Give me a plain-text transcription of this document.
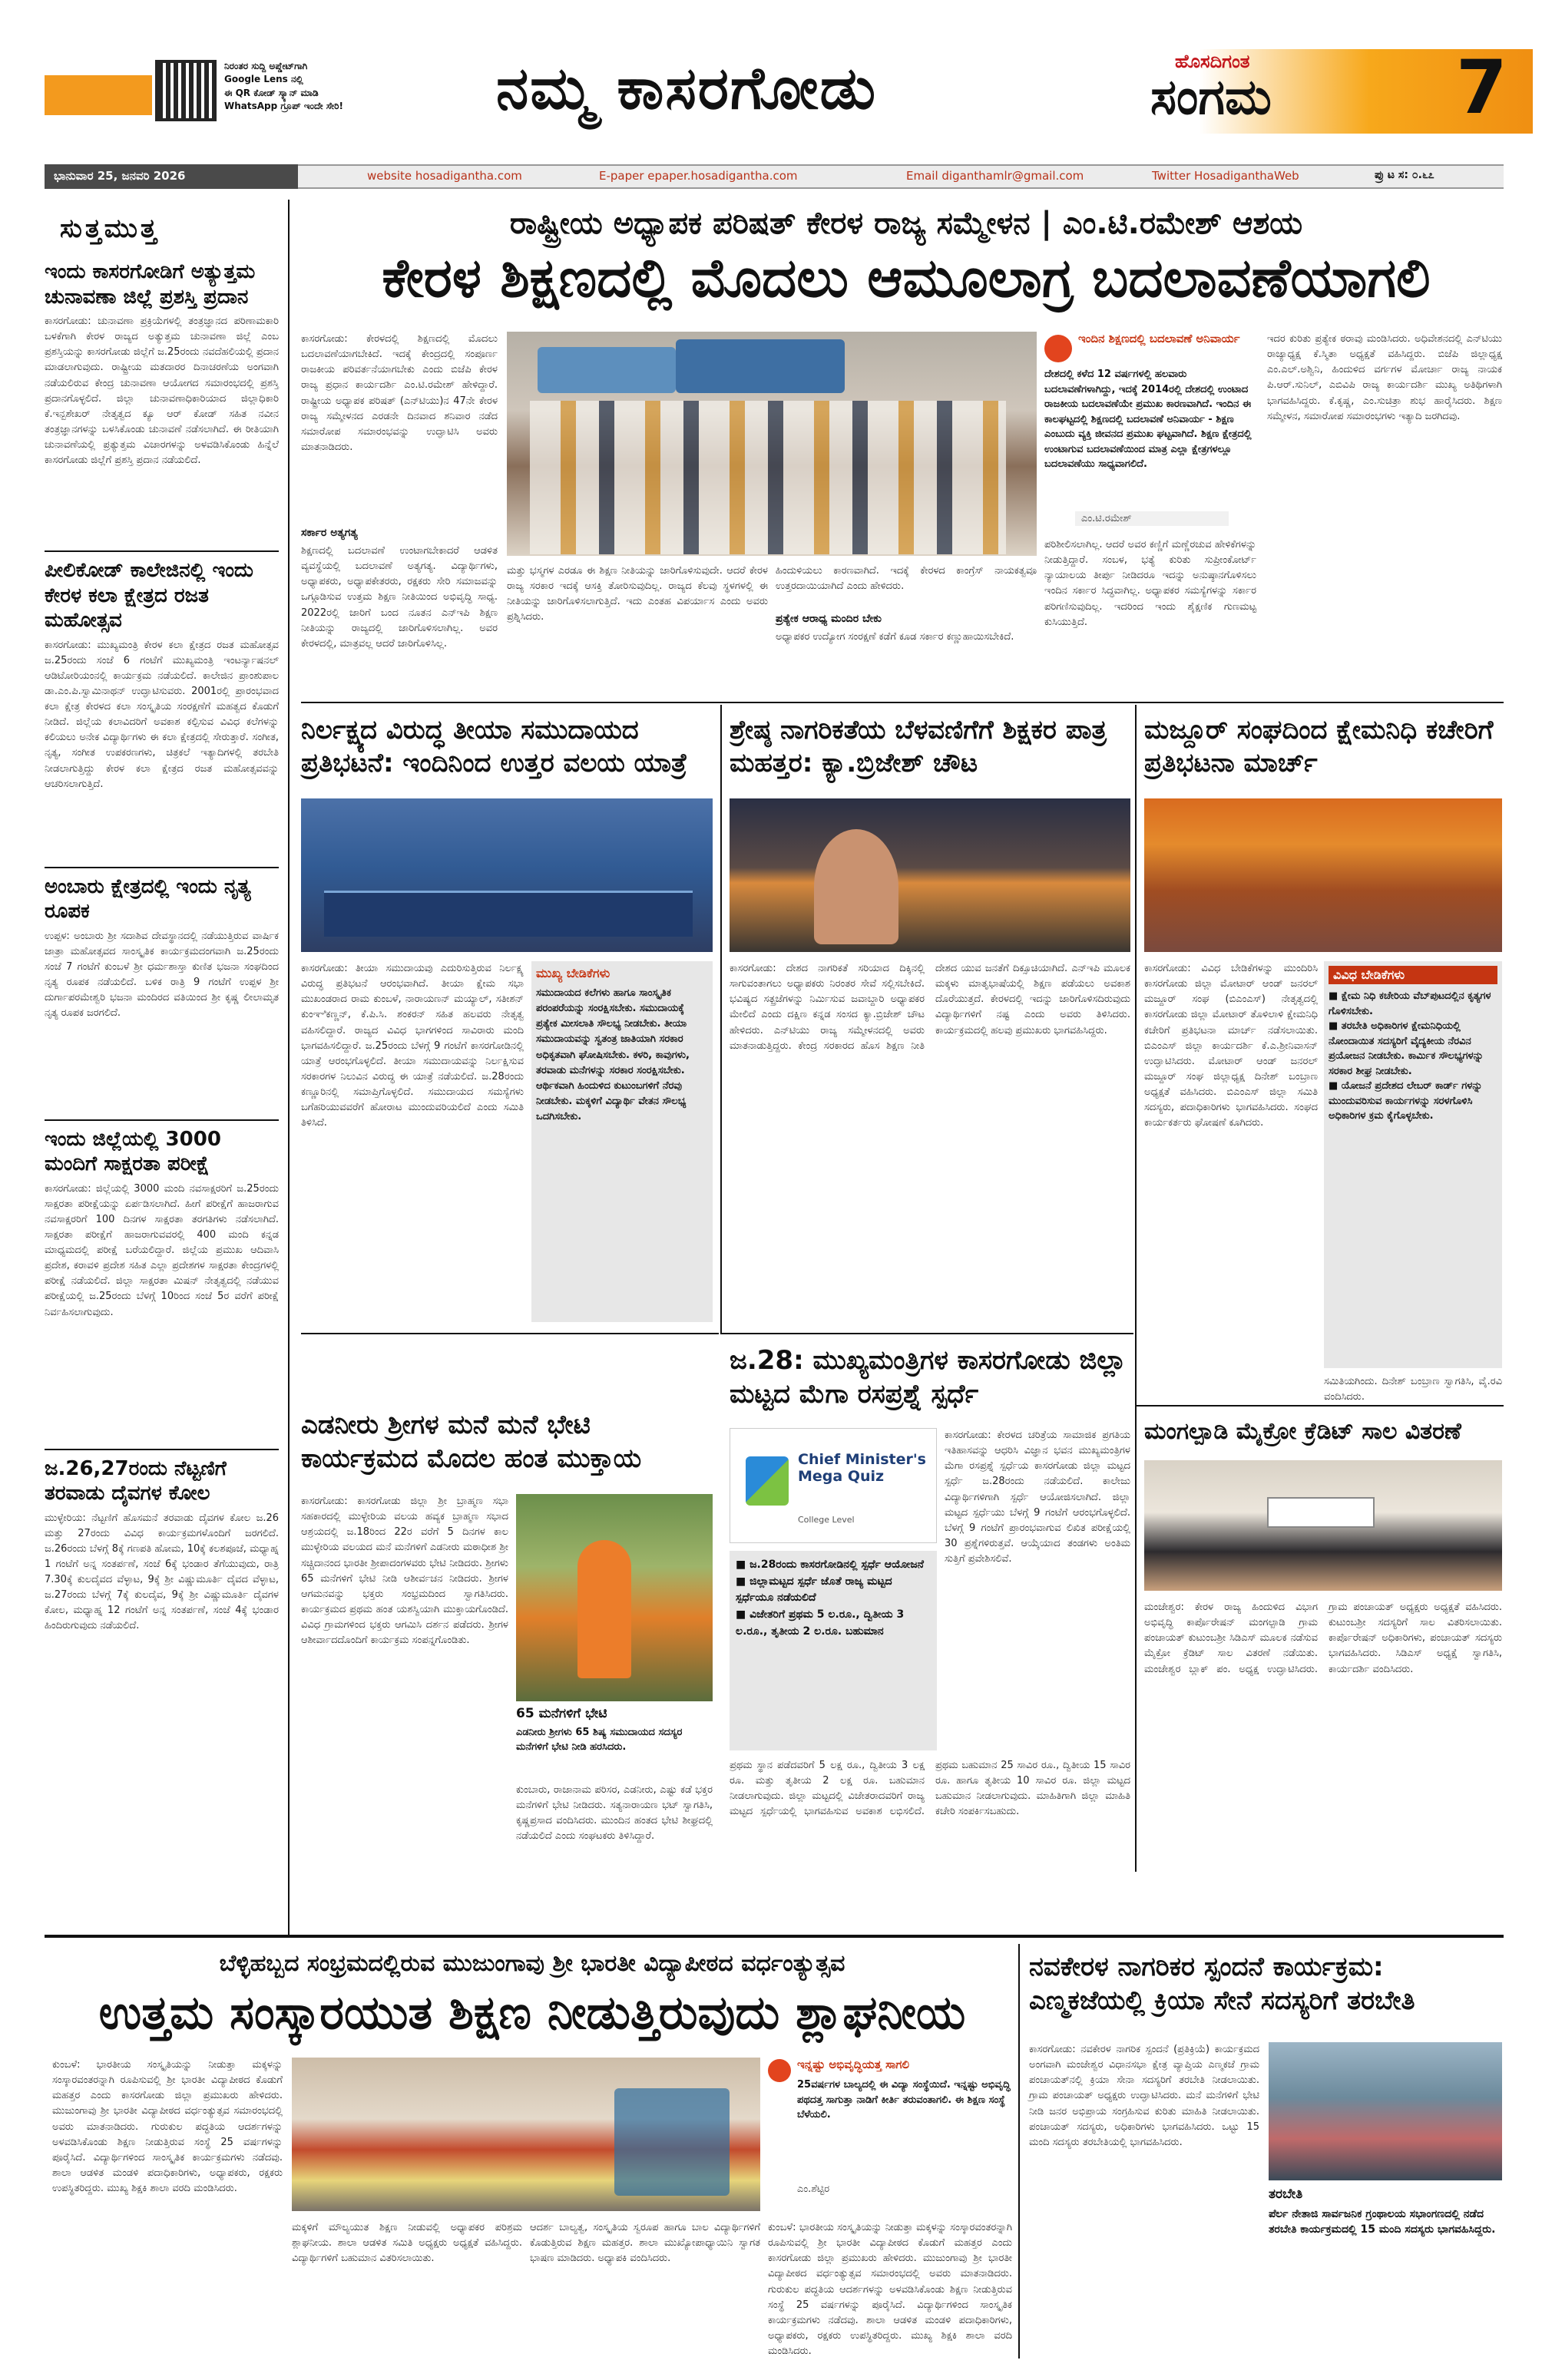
ನಿರಂತರ ಸುದ್ದಿ ಅಪ್ಡೇಟ್‌ಗಾಗಿ
Google Lens ನಲ್ಲಿ
ಈ QR ಕೋಡ್ ಸ್ಕ್ಯಾನ್ ಮಾಡಿ
WhatsApp ಗ್ರೂಪ್ ಇಂದೇ ಸೇರಿ!	ನಮ್ಮ ಕಾಸರಗೋಡು	ಹೊಸದಿಗಂತ
ಸಂಗಮ	7
ಭಾನುವಾರ 25, ಜನವರಿ 2026	website hosadigantha.com	E-paper epaper.hosadigantha.com	Email diganthamlr@gmail.com	Twitter HosadiganthaWeb	ಪ್ರು ಟ ಸ: ೦.೬೭
ಸುತ್ತಮುತ್ತ
ಇಂದು ಕಾಸರಗೋಡಿಗೆ ಅತ್ಯುತ್ತಮ ಚುನಾವಣಾ ಜಿಲ್ಲೆ ಪ್ರಶಸ್ತಿ ಪ್ರದಾನ
ಕಾಸರಗೋಡು: ಚುನಾವಣಾ ಪ್ರಕ್ರಿಯೆಗಳಲ್ಲಿ ತಂತ್ರಜ್ಞಾನದ ಪರಿಣಾಮಕಾರಿ ಬಳಕೆಗಾಗಿ ಕೇರಳ ರಾಜ್ಯದ ಅತ್ಯುತ್ತಮ ಚುನಾವಣಾ ಜಿಲ್ಲೆ ಎಂಬ ಪ್ರಶಸ್ತಿಯನ್ನು ಕಾಸರಗೋಡು ಜಿಲ್ಲೆಗೆ ಜ.25ರಂದು ನವದೆಹಲಿಯಲ್ಲಿ ಪ್ರದಾನ ಮಾಡಲಾಗುವುದು. ರಾಷ್ಟ್ರೀಯ ಮತದಾರರ ದಿನಾಚರಣೆಯ ಅಂಗವಾಗಿ ನಡೆಯಲಿರುವ ಕೇಂದ್ರ ಚುನಾವಣಾ ಆಯೋಗದ ಸಮಾರಂಭದಲ್ಲಿ ಪ್ರಶಸ್ತಿ ಪ್ರದಾನಗೊಳ್ಳಲಿದೆ. ಜಿಲ್ಲಾ ಚುನಾವಣಾಧಿಕಾರಿಯಾದ ಜಿಲ್ಲಾಧಿಕಾರಿ ಕೆ.ಇನ್ಬಶೇಖರ್ ನೇತೃತ್ವದ ಕ್ಯೂ ಆರ್ ಕೋಡ್ ಸಹಿತ ನವೀನ ತಂತ್ರಜ್ಞಾನಗಳನ್ನು ಬಳಸಿಕೊಂಡು ಚುನಾವಣೆ ನಡೆಸಲಾಗಿದೆ. ಈ ರೀತಿಯಾಗಿ ಚುನಾವಣೆಯಲ್ಲಿ ಪ್ರತ್ಯುತ್ತಮ ವಿಚಾರಗಳನ್ನು ಅಳವಡಿಸಿಕೊಂಡು ಹಿನ್ನೆಲೆ ಕಾಸರಗೋಡು ಜಿಲ್ಲೆಗೆ ಪ್ರಶಸ್ತಿ ಪ್ರದಾನ ನಡೆಯಲಿದೆ.
ಪೀಲಿಕೋಡ್ ಕಾಲೇಜಿನಲ್ಲಿ ಇಂದು ಕೇರಳ ಕಲಾ ಕ್ಷೇತ್ರದ ರಜತ ಮಹೋತ್ಸವ
ಕಾಸರಗೋಡು: ಮುಖ್ಯಮಂತ್ರಿ ಕೇರಳ ಕಲಾ ಕ್ಷೇತ್ರದ ರಜತ ಮಹೋತ್ಸವ ಜ.25ರಂದು ಸಂಜೆ 6 ಗಂಟೆಗೆ ಮುಖ್ಯಮಂತ್ರಿ ಇಂಟರ್ನ್ಯಾಷನಲ್ ಆಡಿಟೋರಿಯಂನಲ್ಲಿ ಕಾರ್ಯಕ್ರಮ ನಡೆಯಲಿದೆ. ಕಾಲೇಜಿನ ಪ್ರಾಂಶುಪಾಲ ಡಾ.ಎಂ.ಪಿ.ಸ್ವಾಮಿನಾಥನ್ ಉದ್ಘಾಟಿಸುವರು. 2001ರಲ್ಲಿ ಪ್ರಾರಂಭವಾದ ಕಲಾ ಕ್ಷೇತ್ರ ಕೇರಳದ ಕಲಾ ಸಂಸ್ಕೃತಿಯ ಸಂರಕ್ಷಣೆಗೆ ಮಹತ್ವದ ಕೊಡುಗೆ ನೀಡಿದೆ. ಜಿಲ್ಲೆಯ ಕಲಾವಿದರಿಗೆ ಅವಕಾಶ ಕಲ್ಪಿಸುವ ವಿವಿಧ ಕಲೆಗಳನ್ನು ಕಲಿಯಲು ಅನೇಕ ವಿದ್ಯಾರ್ಥಿಗಳು ಈ ಕಲಾ ಕ್ಷೇತ್ರದಲ್ಲಿ ಸೇರುತ್ತಾರೆ. ಸಂಗೀತ, ನೃತ್ಯ, ಸಂಗೀತ ಉಪಕರಣಗಳು, ಚಿತ್ರಕಲೆ ಇತ್ಯಾದಿಗಳಲ್ಲಿ ತರಬೇತಿ ನೀಡಲಾಗುತ್ತಿದ್ದು ಕೇರಳ ಕಲಾ ಕ್ಷೇತ್ರದ ರಜತ ಮಹೋತ್ಸವವನ್ನು ಆಚರಿಸಲಾಗುತ್ತಿದೆ.
ಅಂಬಾರು ಕ್ಷೇತ್ರದಲ್ಲಿ ಇಂದು ನೃತ್ಯ ರೂಪಕ
ಉಪ್ಪಳ: ಅಂಬಾರು ಶ್ರೀ ಸದಾಶಿವ ದೇವಸ್ಥಾನದಲ್ಲಿ ನಡೆಯುತ್ತಿರುವ ವಾರ್ಷಿಕ ಜಾತ್ರಾ ಮಹೋತ್ಸವದ ಸಾಂಸ್ಕೃತಿಕ ಕಾರ್ಯಕ್ರಮದಂಗವಾಗಿ ಜ.25ರಂದು ಸಂಜೆ 7 ಗಂಟೆಗೆ ಕುಂಬಳೆ ಶ್ರೀ ಧರ್ಮಶಾಸ್ತಾ ಕುಣಿತ ಭಜನಾ ಸಂಘದಿಂದ ನೃತ್ಯ ರೂಪಕ ನಡೆಯಲಿದೆ. ಬಳಿಕ ರಾತ್ರಿ 9 ಗಂಟೆಗೆ ಉಪ್ಪಳ ಶ್ರೀ ದುರ್ಗಾಪರಮೇಶ್ವರಿ ಭಜನಾ ಮಂದಿರದ ವತಿಯಿಂದ ಶ್ರೀ ಕೃಷ್ಣ ಲೀಲಾಮೃತ ನೃತ್ಯ ರೂಪಕ ಜರಗಲಿದೆ.
ಇಂದು ಜಿಲ್ಲೆಯಲ್ಲಿ 3000 ಮಂದಿಗೆ ಸಾಕ್ಷರತಾ ಪರೀಕ್ಷೆ
ಕಾಸರಗೋಡು: ಜಿಲ್ಲೆಯಲ್ಲಿ 3000 ಮಂದಿ ನವಸಾಕ್ಷರರಿಗೆ ಜ.25ರಂದು ಸಾಕ್ಷರತಾ ಪರೀಕ್ಷೆಯನ್ನು ಏರ್ಪಡಿಸಲಾಗಿದೆ. ಹೀಗೆ ಪರೀಕ್ಷೆಗೆ ಹಾಜರಾಗುವ ನವಸಾಕ್ಷರರಿಗೆ 100 ದಿನಗಳ ಸಾಕ್ಷರತಾ ತರಗತಿಗಳು ನಡೆಸಲಾಗಿದೆ. ಸಾಕ್ಷರತಾ ಪರೀಕ್ಷೆಗೆ ಹಾಜರಾಗುವವರಲ್ಲಿ 400 ಮಂದಿ ಕನ್ನಡ ಮಾಧ್ಯಮದಲ್ಲಿ ಪರೀಕ್ಷೆ ಬರೆಯಲಿದ್ದಾರೆ. ಜಿಲ್ಲೆಯ ಪ್ರಮುಖ ಆದಿವಾಸಿ ಪ್ರದೇಶ, ಕರಾವಳಿ ಪ್ರದೇಶ ಸಹಿತ ಎಲ್ಲಾ ಪ್ರದೇಶಗಳ ಸಾಕ್ಷರತಾ ಕೇಂದ್ರಗಳಲ್ಲಿ ಪರೀಕ್ಷೆ ನಡೆಯಲಿದೆ. ಜಿಲ್ಲಾ ಸಾಕ್ಷರತಾ ಮಿಷನ್ ನೇತೃತ್ವದಲ್ಲಿ ನಡೆಯುವ ಪರೀಕ್ಷೆಯಲ್ಲಿ ಜ.25ರಂದು ಬೆಳಗ್ಗೆ 10ರಿಂದ ಸಂಜೆ 5ರ ವರೆಗೆ ಪರೀಕ್ಷೆ ನಿರ್ವಹಿಸಲಾಗುವುದು.
ಜ.26,27ರಂದು ನೆಟ್ಟಣಿಗೆ ತರವಾಡು ದೈವಗಳ ಕೋಲ
ಮುಳ್ಳೇರಿಯ: ನೆಟ್ಟಣಿಗೆ ಹೊಸಮನೆ ತರವಾಡು ದೈವಗಳ ಕೋಲ ಜ.26 ಮತ್ತು 27ರಂದು ವಿವಿಧ ಕಾರ್ಯಕ್ರಮಗಳೊಂದಿಗೆ ಜರಗಲಿದೆ. ಜ.26ರಂದು ಬೆಳಗ್ಗೆ 8ಕ್ಕೆ ಗಣಪತಿ ಹೋಮ, 10ಕ್ಕೆ ಕಲಶಪೂಜೆ, ಮಧ್ಯಾಹ್ನ 1 ಗಂಟೆಗೆ ಅನ್ನ ಸಂತರ್ಪಣೆ, ಸಂಜೆ 6ಕ್ಕೆ ಭಂಡಾರ ತೆಗೆಯುವುದು, ರಾತ್ರಿ 7.30ಕ್ಕೆ ಕುಲದೈವದ ವೆಳ್ಳಾಟ, 9ಕ್ಕೆ ಶ್ರೀ ವಿಷ್ಣುಮೂರ್ತಿ ದೈವದ ವೆಳ್ಳಾಟ, ಜ.27ರಂದು ಬೆಳಗ್ಗೆ 7ಕ್ಕೆ ಕುಲದೈವ, 9ಕ್ಕೆ ಶ್ರೀ ವಿಷ್ಣುಮೂರ್ತಿ ದೈವಗಳ ಕೋಲ, ಮಧ್ಯಾಹ್ನ 12 ಗಂಟೆಗೆ ಅನ್ನ ಸಂತರ್ಪಣೆ, ಸಂಜೆ 4ಕ್ಕೆ ಭಂಡಾರ ಹಿಂದಿರುಗುವುದು ನಡೆಯಲಿದೆ.
ರಾಷ್ಟ್ರೀಯ ಅಧ್ಯಾಪಕ ಪರಿಷತ್ ಕೇರಳ ರಾಜ್ಯ ಸಮ್ಮೇಳನ | ಎಂ.ಟಿ.ರಮೇಶ್ ಆಶಯ
ಕೇರಳ ಶಿಕ್ಷಣದಲ್ಲಿ ಮೊದಲು ಆಮೂಲಾಗ್ರ ಬದಲಾವಣೆಯಾಗಲಿ
ಕಾಸರಗೋಡು: ಕೇರಳದಲ್ಲಿ ಶಿಕ್ಷಣದಲ್ಲಿ ಮೊದಲು ಬದಲಾವಣೆಯಾಗಬೇಕಿದೆ. ಇದಕ್ಕೆ ಕೇಂದ್ರದಲ್ಲಿ ಸಂಪೂರ್ಣ ರಾಜಕೀಯ ಪರಿವರ್ತನೆಯಾಗಬೇಕು ಎಂದು ಬಿಜೆಪಿ ಕೇರಳ ರಾಜ್ಯ ಪ್ರಧಾನ ಕಾರ್ಯದರ್ಶಿ ಎಂ.ಟಿ.ರಮೇಶ್ ಹೇಳಿದ್ದಾರೆ. ರಾಷ್ಟ್ರೀಯ ಅಧ್ಯಾಪಕ ಪರಿಷತ್ (ಎನ್‌ಟಿಯು)ನ 47ನೇ ಕೇರಳ ರಾಜ್ಯ ಸಮ್ಮೇಳನದ ಎರಡನೇ ದಿನವಾದ ಶನಿವಾರ ನಡೆದ ಸಮಾರೋಪ ಸಮಾರಂಭವನ್ನು ಉದ್ಘಾಟಿಸಿ ಅವರು ಮಾತನಾಡಿದರು.
ಸರ್ಕಾರ ಅತ್ಯಗತ್ಯ
ಶಿಕ್ಷಣದಲ್ಲಿ ಬದಲಾವಣೆ ಉಂಟಾಗಬೇಕಾದರೆ ಆಡಳಿತ ವ್ಯವಸ್ಥೆಯಲ್ಲಿ ಬದಲಾವಣೆ ಅತ್ಯಗತ್ಯ. ವಿದ್ಯಾರ್ಥಿಗಳು, ಅಧ್ಯಾಪಕರು, ಅಧ್ಯಾಪಕೇತರರು, ರಕ್ಷಕರು ಸೇರಿ ಸಮಾಜವನ್ನು ಒಗ್ಗೂಡಿಸುವ ಉತ್ತಮ ಶಿಕ್ಷಣ ನೀತಿಯಿಂದ ಅಭಿವೃದ್ಧಿ ಸಾಧ್ಯ. 2022ರಲ್ಲಿ ಜಾರಿಗೆ ಬಂದ ನೂತನ ಎನ್‌ಇಪಿ ಶಿಕ್ಷಣ ನೀತಿಯನ್ನು ರಾಜ್ಯದಲ್ಲಿ ಜಾರಿಗೊಳಿಸಲಾಗಿಲ್ಲ. ಅವರ ಕೇರಳದಲ್ಲಿ, ಮಾತ್ರವಲ್ಲ ಆದರೆ ಜಾರಿಗೊಳಿಸಿಲ್ಲ.
ಮತ್ತು ಭಸ್ಮಗಳ ಎರಡೂ ಈ ಶಿಕ್ಷಣ ನೀತಿಯನ್ನು ಜಾರಿಗೊಳಿಸುವುದೇ. ಆದರೆ ಕೇರಳ ರಾಜ್ಯ ಸರಕಾರ ಇದಕ್ಕೆ ಆಸಕ್ತಿ ತೋರಿಸುವುದಿಲ್ಲ. ರಾಜ್ಯದ ಕೆಲವು ಸ್ಥಳಗಳಲ್ಲಿ ಈ ನೀತಿಯನ್ನು ಜಾರಿಗೊಳಿಸಲಾಗುತ್ತಿದೆ. ಇದು ಎಂತಹ ವಿಪರ್ಯಾಸ ಎಂದು ಅವರು ಪ್ರಶ್ನಿಸಿದರು.
ಹಿಂದುಳಿಯಲು ಕಾರಣವಾಗಿದೆ. ಇದಕ್ಕೆ ಕೇರಳದ ಕಾಂಗ್ರೆಸ್ ನಾಯಕತ್ವವೂ ಉತ್ತರದಾಯಿಯಾಗಿದೆ ಎಂದು ಹೇಳಿದರು.
ಪ್ರತ್ಯೇಕ ಆರಾಧ್ಯ ಮಂದಿರ ಬೇಕು
ಅಧ್ಯಾಪಕರ ಉದ್ಯೋಗ ಸಂರಕ್ಷಣೆ ಕಡೆಗೆ ಕೂಡ ಸರ್ಕಾರ ಕಣ್ಣುಹಾಯಿಸಬೇಕಿದೆ.
ಇಂದಿನ ಶಿಕ್ಷಣದಲ್ಲಿ ಬದಲಾವಣೆ ಅನಿವಾರ್ಯ
ದೇಶದಲ್ಲಿ ಕಳೆದ 12 ವರ್ಷಗಳಲ್ಲಿ ಹಲವಾರು ಬದಲಾವಣೆಗಳಾಗಿದ್ದು, ಇದಕ್ಕೆ 2014ರಲ್ಲಿ ದೇಶದಲ್ಲಿ ಉಂಟಾದ ರಾಜಕೀಯ ಬದಲಾವಣೆಯೇ ಪ್ರಮುಖ ಕಾರಣವಾಗಿದೆ. ಇಂದಿನ ಈ ಕಾಲಘಟ್ಟದಲ್ಲಿ ಶಿಕ್ಷಣದಲ್ಲಿ ಬದಲಾವಣೆ ಅನಿವಾರ್ಯ - ಶಿಕ್ಷಣ ಎಂಬುದು ವ್ಯಕ್ತಿ ಜೀವನದ ಪ್ರಮುಖ ಘಟ್ಟವಾಗಿದೆ. ಶಿಕ್ಷಣ ಕ್ಷೇತ್ರದಲ್ಲಿ ಉಂಟಾಗುವ ಬದಲಾವಣೆಯಿಂದ ಮಾತ್ರ ಎಲ್ಲಾ ಕ್ಷೇತ್ರಗಳಲ್ಲೂ ಬದಲಾವಣೆಯು ಸಾಧ್ಯವಾಗಲಿದೆ.
ಎಂ.ಟಿ.ರಮೇಶ್
ಪರಿಶೀಲಿಸಲಾಗಿಲ್ಲ. ಆದರೆ ಅವರ ಕಣ್ಣಿಗೆ ಮಣ್ಣೆರಚುವ ಹೇಳಿಕೆಗಳನ್ನು ನೀಡುತ್ತಿದ್ದಾರೆ. ಸಂಬಳ, ಭತ್ಯೆ ಕುರಿತು ಸುಪ್ರೀಂಕೋರ್ಟ್ ನ್ಯಾಯಾಲಯ ತೀರ್ಪು ನೀಡಿದರೂ ಇದನ್ನು ಅನುಷ್ಠಾನಗೊಳಿಸಲು ಇಂದಿನ ಸರ್ಕಾರ ಸಿದ್ಧವಾಗಿಲ್ಲ. ಅಧ್ಯಾಪಕರ ಸಮಸ್ಯೆಗಳನ್ನು ಸರ್ಕಾರ ಪರಿಗಣಿಸುವುದಿಲ್ಲ. ಇದರಿಂದ ಇಂದು ಶೈಕ್ಷಣಿಕ ಗುಣಮಟ್ಟ ಕುಸಿಯುತ್ತಿದೆ.
ಇದರ ಕುರಿತು ಪ್ರತ್ಯೇಕ ಠರಾವು ಮಂಡಿಸಿದರು. ಅಧಿವೇಶನದಲ್ಲಿ ಎನ್‌ಟಿಯು ರಾಜ್ಯಾಧ್ಯಕ್ಷ ಕೆ.ಸ್ಮಿತಾ ಅಧ್ಯಕ್ಷತೆ ವಹಿಸಿದ್ದರು. ಬಿಜೆಪಿ ಜಿಲ್ಲಾಧ್ಯಕ್ಷ ಎಂ.ಎಲ್.ಅಶ್ವಿನಿ, ಹಿಂದುಳಿದ ವರ್ಗಗಳ ಮೋರ್ಚಾ ರಾಜ್ಯ ನಾಯಕ ಪಿ.ಆರ್.ಸುನಿಲ್, ಎಬಿವಿಪಿ ರಾಜ್ಯ ಕಾರ್ಯದರ್ಶಿ ಮುಖ್ಯ ಅತಿಥಿಗಳಾಗಿ ಭಾಗವಹಿಸಿದ್ದರು. ಕೆ.ಕೃಷ್ಣ, ಎಂ.ಸುಚಿತ್ರಾ ಶುಭ ಹಾರೈಸಿದರು. ಶಿಕ್ಷಣ ಸಮ್ಮೇಳನ, ಸಮಾರೋಪ ಸಮಾರಂಭಗಳು ಇತ್ಯಾದಿ ಜರಗಿದವು.
ನಿರ್ಲಕ್ಷ್ಯದ ವಿರುದ್ಧ ತೀಯಾ ಸಮುದಾಯದ ಪ್ರತಿಭಟನೆ: ಇಂದಿನಿಂದ ಉತ್ತರ ವಲಯ ಯಾತ್ರೆ
ಕಾಸರಗೋಡು: ತೀಯಾ ಸಮುದಾಯವು ಎದುರಿಸುತ್ತಿರುವ ನಿರ್ಲಕ್ಷ್ಯ ವಿರುದ್ಧ ಪ್ರತಿಭಟನೆ ಆರಂಭವಾಗಿದೆ. ತೀಯಾ ಕ್ಷೇಮ ಸಭಾ ಮುಖಂಡರಾದ ರಾಮ ಕುಂಬಳೆ, ನಾರಾಯಣನ್ ಮಯ್ಯಾಲ್, ಸತೀಶನ್ ಕುಂಞಿಕಣ್ಣನ್, ಕೆ.ಪಿ.ಸಿ. ಶಂಕರನ್ ಸಹಿತ ಹಲವರು ನೇತೃತ್ವ ವಹಿಸಲಿದ್ದಾರೆ. ರಾಜ್ಯದ ವಿವಿಧ ಭಾಗಗಳಿಂದ ಸಾವಿರಾರು ಮಂದಿ ಭಾಗವಹಿಸಲಿದ್ದಾರೆ. ಜ.25ರಂದು ಬೆಳಗ್ಗೆ 9 ಗಂಟೆಗೆ ಕಾಸರಗೋಡಿನಲ್ಲಿ ಯಾತ್ರೆ ಆರಂಭಗೊಳ್ಳಲಿದೆ. ತೀಯಾ ಸಮುದಾಯವನ್ನು ನಿರ್ಲಕ್ಷಿಸುವ ಸರಕಾರಗಳ ನಿಲುವಿನ ವಿರುದ್ಧ ಈ ಯಾತ್ರೆ ನಡೆಯಲಿದೆ. ಜ.28ರಂದು ಕಣ್ಣೂರಿನಲ್ಲಿ ಸಮಾಪ್ತಿಗೊಳ್ಳಲಿದೆ. ಸಮುದಾಯದ ಸಮಸ್ಯೆಗಳು ಬಗೆಹರಿಯುವವರೆಗೆ ಹೋರಾಟ ಮುಂದುವರಿಯಲಿದೆ ಎಂದು ಸಮಿತಿ ತಿಳಿಸಿದೆ.
ಮುಖ್ಯ ಬೇಡಿಕೆಗಳು
ಸಮುದಾಯದ ಕಲೆಗಳು ಹಾಗೂ ಸಾಂಸ್ಕೃತಿಕ ಪರಂಪರೆಯನ್ನು ಸಂರಕ್ಷಿಸಬೇಕು. ಸಮುದಾಯಕ್ಕೆ ಪ್ರತ್ಯೇಕ ಮೀಸಲಾತಿ ಸೌಲಭ್ಯ ನೀಡಬೇಕು. ತೀಯಾ ಸಮುದಾಯವನ್ನು ಸ್ವತಂತ್ರ ಜಾತಿಯಾಗಿ ಸರಕಾರ ಅಧಿಕೃತವಾಗಿ ಘೋಷಿಸಬೇಕು. ಕಳರಿ, ಕಾವುಗಳು, ತರವಾಡು ಮನೆಗಳನ್ನು ಸರಕಾರ ಸಂರಕ್ಷಿಸಬೇಕು. ಆರ್ಥಿಕವಾಗಿ ಹಿಂದುಳಿದ ಕುಟುಂಬಗಳಿಗೆ ನೆರವು ನೀಡಬೇಕು. ಮಕ್ಕಳಿಗೆ ವಿದ್ಯಾರ್ಥಿ ವೇತನ ಸೌಲಭ್ಯ ಒದಗಿಸಬೇಕು.
ಶ್ರೇಷ್ಠ ನಾಗರಿಕತೆಯ ಬೆಳವಣಿಗೆಗೆ ಶಿಕ್ಷಕರ ಪಾತ್ರ ಮಹತ್ತರ: ಕ್ಯಾ.ಬ್ರಿಜೇಶ್ ಚೌಟ
ಕಾಸರಗೋಡು: ದೇಶದ ನಾಗರಿಕತೆ ಸರಿಯಾದ ದಿಕ್ಕಿನಲ್ಲಿ ಸಾಗುವಂತಾಗಲು ಅಧ್ಯಾಪಕರು ನಿರಂತರ ಸೇವೆ ಸಲ್ಲಿಸಬೇಕಿದೆ. ಭವಿಷ್ಯದ ಸತ್ಪ್ರಜೆಗಳನ್ನು ನಿರ್ಮಿಸುವ ಜವಾಬ್ದಾರಿ ಅಧ್ಯಾಪಕರ ಮೇಲಿದೆ ಎಂದು ದಕ್ಷಿಣ ಕನ್ನಡ ಸಂಸದ ಕ್ಯಾ.ಬ್ರಿಜೇಶ್ ಚೌಟ ಹೇಳಿದರು. ಎನ್‌ಟಿಯು ರಾಜ್ಯ ಸಮ್ಮೇಳನದಲ್ಲಿ ಅವರು ಮಾತನಾಡುತ್ತಿದ್ದರು. ಕೇಂದ್ರ ಸರಕಾರದ ಹೊಸ ಶಿಕ್ಷಣ ನೀತಿ ದೇಶದ ಯುವ ಜನತೆಗೆ ದಿಕ್ಸೂಚಿಯಾಗಿದೆ. ಎನ್‌ಇಪಿ ಮೂಲಕ ಮಕ್ಕಳು ಮಾತೃಭಾಷೆಯಲ್ಲಿ ಶಿಕ್ಷಣ ಪಡೆಯಲು ಅವಕಾಶ ದೊರೆಯುತ್ತದೆ. ಕೇರಳದಲ್ಲಿ ಇದನ್ನು ಜಾರಿಗೊಳಿಸದಿರುವುದು ವಿದ್ಯಾರ್ಥಿಗಳಿಗೆ ನಷ್ಟ ಎಂದು ಅವರು ತಿಳಿಸಿದರು. ಕಾರ್ಯಕ್ರಮದಲ್ಲಿ ಹಲವು ಪ್ರಮುಖರು ಭಾಗವಹಿಸಿದ್ದರು.
ಮಜ್ದೂರ್ ಸಂಘದಿಂದ ಕ್ಷೇಮನಿಧಿ ಕಚೇರಿಗೆ ಪ್ರತಿಭಟನಾ ಮಾರ್ಚ್
ಕಾಸರಗೋಡು: ವಿವಿಧ ಬೇಡಿಕೆಗಳನ್ನು ಮುಂದಿರಿಸಿ ಕಾಸರಗೋಡು ಜಿಲ್ಲಾ ಮೋಟಾರ್ ಆಂಡ್ ಜನರಲ್ ಮಜ್ದೂರ್ ಸಂಘ (ಬಿಎಂಎಸ್) ನೇತೃತ್ವದಲ್ಲಿ ಕಾಸರಗೋಡು ಜಿಲ್ಲಾ ಮೋಟಾರ್ ತೊಳಿಲಾಳಿ ಕ್ಷೇಮನಿಧಿ ಕಚೇರಿಗೆ ಪ್ರತಿಭಟನಾ ಮಾರ್ಚ್ ನಡೆಸಲಾಯಿತು. ಬಿಎಂಎಸ್ ಜಿಲ್ಲಾ ಕಾರ್ಯದರ್ಶಿ ಕೆ.ಎ.ಶ್ರೀನಿವಾಸನ್ ಉದ್ಘಾಟಿಸಿದರು. ಮೋಟಾರ್ ಆಂಡ್ ಜನರಲ್ ಮಜ್ದೂರ್ ಸಂಘ ಜಿಲ್ಲಾಧ್ಯಕ್ಷ ದಿನೇಶ್ ಬಂಬ್ರಾಣ ಅಧ್ಯಕ್ಷತೆ ವಹಿಸಿದರು. ಬಿಎಂಎಸ್ ಜಿಲ್ಲಾ ಸಮಿತಿ ಸದಸ್ಯರು, ಪದಾಧಿಕಾರಿಗಳು ಭಾಗವಹಿಸಿದರು. ಸಂಘದ ಕಾರ್ಯಕರ್ತರು ಘೋಷಣೆ ಕೂಗಿದರು.
ವಿವಿಧ ಬೇಡಿಕೆಗಳು
■ ಕ್ಷೇಮ ನಿಧಿ ಕಚೇರಿಯ ವೆಬ್‌ಪುಟದಲ್ಲಿನ ಕೃತ್ಯಗಳ ಗೊಳಿಸಬೇಕು.
■ ತರಬೇತಿ ಅಧಿಕಾರಿಗಳ ಕ್ಷೇಮನಿಧಿಯಲ್ಲಿ ನೋಂದಾಯಿತ ಸದಸ್ಯರಿಗೆ ವೈದ್ಯಕೀಯ ನೆರವಿನ ಪ್ರಯೋಜನ ನೀಡಬೇಕು. ಕಾರ್ಮಿಕ ಸೌಲಭ್ಯಗಳನ್ನು ಸರಕಾರ ಶೀಘ್ರ ನೀಡಬೇಕು.
■ ಯೋಜನೆ ಪ್ರದೇಶದ ಲೇಬರ್ ಕಾರ್ಡ್ ಗಳನ್ನು ಮುಂದುವರಿಸುವ ಕಾರ್ಯಗಳನ್ನು ಸರಳಗೊಳಿಸಿ ಅಧಿಕಾರಿಗಳ ಕ್ರಮ ಕೈಗೊಳ್ಳಬೇಕು.
ಸಮಿತಿಯಗಿಂದು. ದಿನೇಶ್ ಬಂಬ್ರಾಣ ಸ್ವಾಗತಿಸಿ, ವೈ.ರವಿ ವಂದಿಸಿದರು.
ಎಡನೀರು ಶ್ರೀಗಳ ಮನೆ ಮನೆ ಭೇಟಿ ಕಾರ್ಯಕ್ರಮದ ಮೊದಲ ಹಂತ ಮುಕ್ತಾಯ
ಕಾಸರಗೋಡು: ಕಾಸರಗೋಡು ಜಿಲ್ಲಾ ಶ್ರೀ ಬ್ರಾಹ್ಮಣ ಸಭಾ ಸಹಕಾರದಲ್ಲಿ ಮುಳ್ಳೇರಿಯ ವಲಯ ಹವ್ಯಕ ಬ್ರಾಹ್ಮಣ ಸಭಾದ ಆಶ್ರಯದಲ್ಲಿ ಜ.18ರಿಂದ 22ರ ವರೆಗೆ 5 ದಿನಗಳ ಕಾಲ ಮುಳ್ಳೇರಿಯ ವಲಯದ ಮನೆ ಮನೆಗಳಿಗೆ ಎಡನೀರು ಮಠಾಧೀಶ ಶ್ರೀ ಸಚ್ಚಿದಾನಂದ ಭಾರತೀ ಶ್ರೀಪಾದಂಗಳವರು ಭೇಟಿ ನೀಡಿದರು. ಶ್ರೀಗಳು 65 ಮನೆಗಳಿಗೆ ಭೇಟಿ ನೀಡಿ ಆಶೀರ್ವಚನ ನೀಡಿದರು. ಶ್ರೀಗಳ ಆಗಮನವನ್ನು ಭಕ್ತರು ಸಂಭ್ರಮದಿಂದ ಸ್ವಾಗತಿಸಿದರು. ಕಾರ್ಯಕ್ರಮದ ಪ್ರಥಮ ಹಂತ ಯಶಸ್ವಿಯಾಗಿ ಮುಕ್ತಾಯಗೊಂಡಿದೆ. ವಿವಿಧ ಗ್ರಾಮಗಳಿಂದ ಭಕ್ತರು ಆಗಮಿಸಿ ದರ್ಶನ ಪಡೆದರು. ಶ್ರೀಗಳ ಆಶೀರ್ವಾದದೊಂದಿಗೆ ಕಾರ್ಯಕ್ರಮ ಸಂಪನ್ನಗೊಂಡಿತು.
65 ಮನೆಗಳಿಗೆ ಭೇಟಿ
ಎಡನೀರು ಶ್ರೀಗಳು 65 ಶಿಷ್ಯ ಸಮುದಾಯದ ಸದಸ್ಯರ ಮನೆಗಳಿಗೆ ಭೇಟಿ ನೀಡಿ ಹರಸಿದರು.
ಕುಂಬಾರು, ರಾಜಾನಾಮ ಪರಿಸರ, ಎಡನೀರು, ಎಷ್ಟು ಕಡೆ ಭಕ್ತರ ಮನೆಗಳಿಗೆ ಭೇಟಿ ನೀಡಿದರು. ಸತ್ಯನಾರಾಯಣ ಭಟ್ ಸ್ವಾಗತಿಸಿ, ಕೃಷ್ಣಪ್ರಸಾದ ವಂದಿಸಿದರು. ಮುಂದಿನ ಹಂತದ ಭೇಟಿ ಶೀಘ್ರದಲ್ಲಿ ನಡೆಯಲಿದೆ ಎಂದು ಸಂಘಟಕರು ತಿಳಿಸಿದ್ದಾರೆ.
ಜ.28: ಮುಖ್ಯಮಂತ್ರಿಗಳ ಕಾಸರಗೋಡು ಜಿಲ್ಲಾ ಮಟ್ಟದ ಮೆಗಾ ರಸಪ್ರಶ್ನೆ ಸ್ಪರ್ಧೆ
Chief Minister's Mega Quiz
College Level
ಕಾಸರಗೋಡು: ಕೇರಳದ ಚರಿತ್ರೆಯ ಸಾಮಾಜಿಕ ಪ್ರಗತಿಯ ಇತಿಹಾಸವನ್ನು ಆಧರಿಸಿ ವಿಜ್ಞಾನ ಭವನ ಮುಖ್ಯಮಂತ್ರಿಗಳ ಮೆಗಾ ರಸಪ್ರಶ್ನೆ ಸ್ಪರ್ಧೆಯ ಕಾಸರಗೋಡು ಜಿಲ್ಲಾ ಮಟ್ಟದ ಸ್ಪರ್ಧೆ ಜ.28ರಂದು ನಡೆಯಲಿದೆ. ಕಾಲೇಜು ವಿದ್ಯಾರ್ಥಿಗಳಿಗಾಗಿ ಸ್ಪರ್ಧೆ ಆಯೋಜಿಸಲಾಗಿದೆ. ಜಿಲ್ಲಾ ಮಟ್ಟದ ಸ್ಪರ್ಧೆಯು ಬೆಳಗ್ಗೆ 9 ಗಂಟೆಗೆ ಆರಂಭಗೊಳ್ಳಲಿದೆ. ಬೆಳಗ್ಗೆ 9 ಗಂಟೆಗೆ ಪ್ರಾರಂಭವಾಗುವ ಲಿಖಿತ ಪರೀಕ್ಷೆಯಲ್ಲಿ 30 ಪ್ರಶ್ನೆಗಳಿರುತ್ತವೆ. ಆಯ್ಕೆಯಾದ ತಂಡಗಳು ಅಂತಿಮ ಸುತ್ತಿಗೆ ಪ್ರವೇಶಿಸಲಿವೆ.
■ ಜ.28ರಂದು ಕಾಸರಗೋಡಿನಲ್ಲಿ ಸ್ಪರ್ಧೆ ಆಯೋಜನೆ
■ ಜಿಲ್ಲಾಮಟ್ಟದ ಸ್ಪರ್ಧೆ ಜೊತೆ ರಾಜ್ಯ ಮಟ್ಟದ ಸ್ಪರ್ಧೆಯೂ ನಡೆಯಲಿದೆ
■ ವಿಜೇತರಿಗೆ ಪ್ರಥಮ 5 ಲ.ರೂ., ದ್ವಿತೀಯ 3 ಲ.ರೂ., ತೃತೀಯ 2 ಲ.ರೂ. ಬಹುಮಾನ
ಪ್ರಥಮ ಸ್ಥಾನ ಪಡೆದವರಿಗೆ 5 ಲಕ್ಷ ರೂ., ದ್ವಿತೀಯ 3 ಲಕ್ಷ ರೂ. ಮತ್ತು ತೃತೀಯ 2 ಲಕ್ಷ ರೂ. ಬಹುಮಾನ ನೀಡಲಾಗುವುದು. ಜಿಲ್ಲಾ ಮಟ್ಟದಲ್ಲಿ ವಿಜೇತರಾದವರಿಗೆ ರಾಜ್ಯ ಮಟ್ಟದ ಸ್ಪರ್ಧೆಯಲ್ಲಿ ಭಾಗವಹಿಸುವ ಅವಕಾಶ ಲಭಿಸಲಿದೆ. ಪ್ರಥಮ ಬಹುಮಾನ 25 ಸಾವಿರ ರೂ., ದ್ವಿತೀಯ 15 ಸಾವಿರ ರೂ. ಹಾಗೂ ತೃತೀಯ 10 ಸಾವಿರ ರೂ. ಜಿಲ್ಲಾ ಮಟ್ಟದ ಬಹುಮಾನ ನೀಡಲಾಗುವುದು. ಮಾಹಿತಿಗಾಗಿ ಜಿಲ್ಲಾ ಮಾಹಿತಿ ಕಚೇರಿ ಸಂಪರ್ಕಿಸಬಹುದು.
ಮಂಗಲ್ಪಾಡಿ ಮೈಕ್ರೋ ಕ್ರೆಡಿಟ್ ಸಾಲ ವಿತರಣೆ
ಮಂಜೇಶ್ವರ: ಕೇರಳ ರಾಜ್ಯ ಹಿಂದುಳಿದ ವಿಭಾಗ ಅಭಿವೃದ್ಧಿ ಕಾರ್ಪೊರೇಷನ್ ಮಂಗಲ್ಪಾಡಿ ಗ್ರಾಮ ಪಂಚಾಯತ್ ಕುಟುಂಬಶ್ರೀ ಸಿಡಿಎಸ್ ಮೂಲಕ ನಡೆಸುವ ಮೈಕ್ರೋ ಕ್ರೆಡಿಟ್ ಸಾಲ ವಿತರಣೆ ನಡೆಯಿತು. ಮಂಜೇಶ್ವರ ಬ್ಲಾಕ್ ಪಂ. ಅಧ್ಯಕ್ಷ ಉದ್ಘಾಟಿಸಿದರು. ಗ್ರಾಮ ಪಂಚಾಯತ್ ಅಧ್ಯಕ್ಷರು ಅಧ್ಯಕ್ಷತೆ ವಹಿಸಿದರು. ಕುಟುಂಬಶ್ರೀ ಸದಸ್ಯರಿಗೆ ಸಾಲ ವಿತರಿಸಲಾಯಿತು. ಕಾರ್ಪೊರೇಷನ್ ಅಧಿಕಾರಿಗಳು, ಪಂಚಾಯತ್ ಸದಸ್ಯರು ಭಾಗವಹಿಸಿದರು. ಸಿಡಿಎಸ್ ಅಧ್ಯಕ್ಷೆ ಸ್ವಾಗತಿಸಿ, ಕಾರ್ಯದರ್ಶಿ ವಂದಿಸಿದರು.
ಬೆಳ್ಳಿಹಬ್ಬದ ಸಂಭ್ರಮದಲ್ಲಿರುವ ಮುಜುಂಗಾವು ಶ್ರೀ ಭಾರತೀ ವಿದ್ಯಾಪೀಠದ ವರ್ಧಂತ್ಯುತ್ಸವ
ಉತ್ತಮ ಸಂಸ್ಕಾರಯುತ ಶಿಕ್ಷಣ ನೀಡುತ್ತಿರುವುದು ಶ್ಲಾಘನೀಯ
ಕುಂಬಳೆ: ಭಾರತೀಯ ಸಂಸ್ಕೃತಿಯನ್ನು ನೀಡುತ್ತಾ ಮಕ್ಕಳನ್ನು ಸಂಸ್ಕಾರವಂತರನ್ನಾಗಿ ರೂಪಿಸುವಲ್ಲಿ ಶ್ರೀ ಭಾರತೀ ವಿದ್ಯಾಪೀಠದ ಕೊಡುಗೆ ಮಹತ್ತರ ಎಂದು ಕಾಸರಗೋಡು ಜಿಲ್ಲಾ ಪ್ರಮುಖರು ಹೇಳಿದರು. ಮುಜುಂಗಾವು ಶ್ರೀ ಭಾರತೀ ವಿದ್ಯಾಪೀಠದ ವರ್ಧಂತ್ಯುತ್ಸವ ಸಮಾರಂಭದಲ್ಲಿ ಅವರು ಮಾತನಾಡಿದರು. ಗುರುಕುಲ ಪದ್ಧತಿಯ ಆದರ್ಶಗಳನ್ನು ಅಳವಡಿಸಿಕೊಂಡು ಶಿಕ್ಷಣ ನೀಡುತ್ತಿರುವ ಸಂಸ್ಥೆ 25 ವರ್ಷಗಳನ್ನು ಪೂರೈಸಿದೆ. ವಿದ್ಯಾರ್ಥಿಗಳಿಂದ ಸಾಂಸ್ಕೃತಿಕ ಕಾರ್ಯಕ್ರಮಗಳು ನಡೆದವು. ಶಾಲಾ ಆಡಳಿತ ಮಂಡಳಿ ಪದಾಧಿಕಾರಿಗಳು, ಅಧ್ಯಾಪಕರು, ರಕ್ಷಕರು ಉಪಸ್ಥಿತರಿದ್ದರು. ಮುಖ್ಯ ಶಿಕ್ಷಕಿ ಶಾಲಾ ವರದಿ ಮಂಡಿಸಿದರು.
ಮಕ್ಕಳಿಗೆ ಮೌಲ್ಯಯುತ ಶಿಕ್ಷಣ ನೀಡುವಲ್ಲಿ ಅಧ್ಯಾಪಕರ ಪರಿಶ್ರಮ ಶ್ಲಾಘನೀಯ. ಶಾಲಾ ಆಡಳಿತ ಸಮಿತಿ ಅಧ್ಯಕ್ಷರು ಅಧ್ಯಕ್ಷತೆ ವಹಿಸಿದ್ದರು. ವಿದ್ಯಾರ್ಥಿಗಳಿಗೆ ಬಹುಮಾನ ವಿತರಿಸಲಾಯಿತು.
ಆದರ್ಶ ಬಾಲ್ಯತ್ವ, ಸಂಸ್ಕೃತಿಯ ಸ್ವರೂಪ ಹಾಗೂ ಬಾಲ ವಿದ್ಯಾರ್ಥಿಗಳಿಗೆ ಕೊಡುತ್ತಿರುವ ಶಿಕ್ಷಣ ಮಹತ್ತರ. ಶಾಲಾ ಮುಖ್ಯೋಪಾಧ್ಯಾಯಿನಿ ಸ್ವಾಗತ ಭಾಷಣ ಮಾಡಿದರು. ಅಧ್ಯಾಪಕಿ ವಂದಿಸಿದರು.
ಇನ್ನಷ್ಟು ಅಭಿವೃದ್ಧಿಯತ್ತ ಸಾಗಲಿ
25ವರ್ಷಗಳ ಬಾಲ್ಯದಲ್ಲಿ ಈ ವಿದ್ಯಾ ಸಂಸ್ಥೆಯಿದೆ. ಇನ್ನಷ್ಟು ಅಭಿವೃದ್ಧಿ ಪಥದತ್ತ ಸಾಗುತ್ತಾ ನಾಡಿಗೆ ಕೀರ್ತಿ ತರುವಂತಾಗಲಿ. ಈ ಶಿಕ್ಷಣ ಸಂಸ್ಥೆ ಬೆಳೆಯಲಿ.
ಎಂ.ಶೆಟ್ಟಿರ
ಕುಂಬಳೆ: ಭಾರತೀಯ ಸಂಸ್ಕೃತಿಯನ್ನು ನೀಡುತ್ತಾ ಮಕ್ಕಳನ್ನು ಸಂಸ್ಕಾರವಂತರನ್ನಾಗಿ ರೂಪಿಸುವಲ್ಲಿ ಶ್ರೀ ಭಾರತೀ ವಿದ್ಯಾಪೀಠದ ಕೊಡುಗೆ ಮಹತ್ತರ ಎಂದು ಕಾಸರಗೋಡು ಜಿಲ್ಲಾ ಪ್ರಮುಖರು ಹೇಳಿದರು. ಮುಜುಂಗಾವು ಶ್ರೀ ಭಾರತೀ ವಿದ್ಯಾಪೀಠದ ವರ್ಧಂತ್ಯುತ್ಸವ ಸಮಾರಂಭದಲ್ಲಿ ಅವರು ಮಾತನಾಡಿದರು. ಗುರುಕುಲ ಪದ್ಧತಿಯ ಆದರ್ಶಗಳನ್ನು ಅಳವಡಿಸಿಕೊಂಡು ಶಿಕ್ಷಣ ನೀಡುತ್ತಿರುವ ಸಂಸ್ಥೆ 25 ವರ್ಷಗಳನ್ನು ಪೂರೈಸಿದೆ. ವಿದ್ಯಾರ್ಥಿಗಳಿಂದ ಸಾಂಸ್ಕೃತಿಕ ಕಾರ್ಯಕ್ರಮಗಳು ನಡೆದವು. ಶಾಲಾ ಆಡಳಿತ ಮಂಡಳಿ ಪದಾಧಿಕಾರಿಗಳು, ಅಧ್ಯಾಪಕರು, ರಕ್ಷಕರು ಉಪಸ್ಥಿತರಿದ್ದರು. ಮುಖ್ಯ ಶಿಕ್ಷಕಿ ಶಾಲಾ ವರದಿ ಮಂಡಿಸಿದರು.
ನವಕೇರಳ ನಾಗರಿಕರ ಸ್ಪಂದನೆ ಕಾರ್ಯಕ್ರಮ: ಎಣ್ಮಕಜೆಯಲ್ಲಿ ಕ್ರಿಯಾ ಸೇನೆ ಸದಸ್ಯರಿಗೆ ತರಬೇತಿ
ಕಾಸರಗೋಡು: ನವಕೇರಳ ನಾಗರಿಕ ಸ್ಪಂದನೆ (ಪ್ರತಿಕ್ರಿಯೆ) ಕಾರ್ಯಕ್ರಮದ ಅಂಗವಾಗಿ ಮಂಜೇಶ್ವರ ವಿಧಾನಸಭಾ ಕ್ಷೇತ್ರ ವ್ಯಾಪ್ತಿಯ ಎಣ್ಮಕಜೆ ಗ್ರಾಮ ಪಂಚಾಯತ್‌ನಲ್ಲಿ ಕ್ರಿಯಾ ಸೇನಾ ಸದಸ್ಯರಿಗೆ ತರಬೇತಿ ನೀಡಲಾಯಿತು. ಗ್ರಾಮ ಪಂಚಾಯತ್ ಅಧ್ಯಕ್ಷರು ಉದ್ಘಾಟಿಸಿದರು. ಮನೆ ಮನೆಗಳಿಗೆ ಭೇಟಿ ನೀಡಿ ಜನರ ಅಭಿಪ್ರಾಯ ಸಂಗ್ರಹಿಸುವ ಕುರಿತು ಮಾಹಿತಿ ನೀಡಲಾಯಿತು. ಪಂಚಾಯತ್ ಸದಸ್ಯರು, ಅಧಿಕಾರಿಗಳು ಭಾಗವಹಿಸಿದರು. ಒಟ್ಟು 15 ಮಂದಿ ಸದಸ್ಯರು ತರಬೇತಿಯಲ್ಲಿ ಭಾಗವಹಿಸಿದರು.
ತರಬೇತಿ
ಪೆರ್ಲ ನೇತಾಜಿ ಸಾರ್ವಜನಿಕ ಗ್ರಂಥಾಲಯ ಸಭಾಂಗಣದಲ್ಲಿ ನಡೆದ ತರಬೇತಿ ಕಾರ್ಯಕ್ರಮದಲ್ಲಿ 15 ಮಂದಿ ಸದಸ್ಯರು ಭಾಗವಹಿಸಿದ್ದರು.
